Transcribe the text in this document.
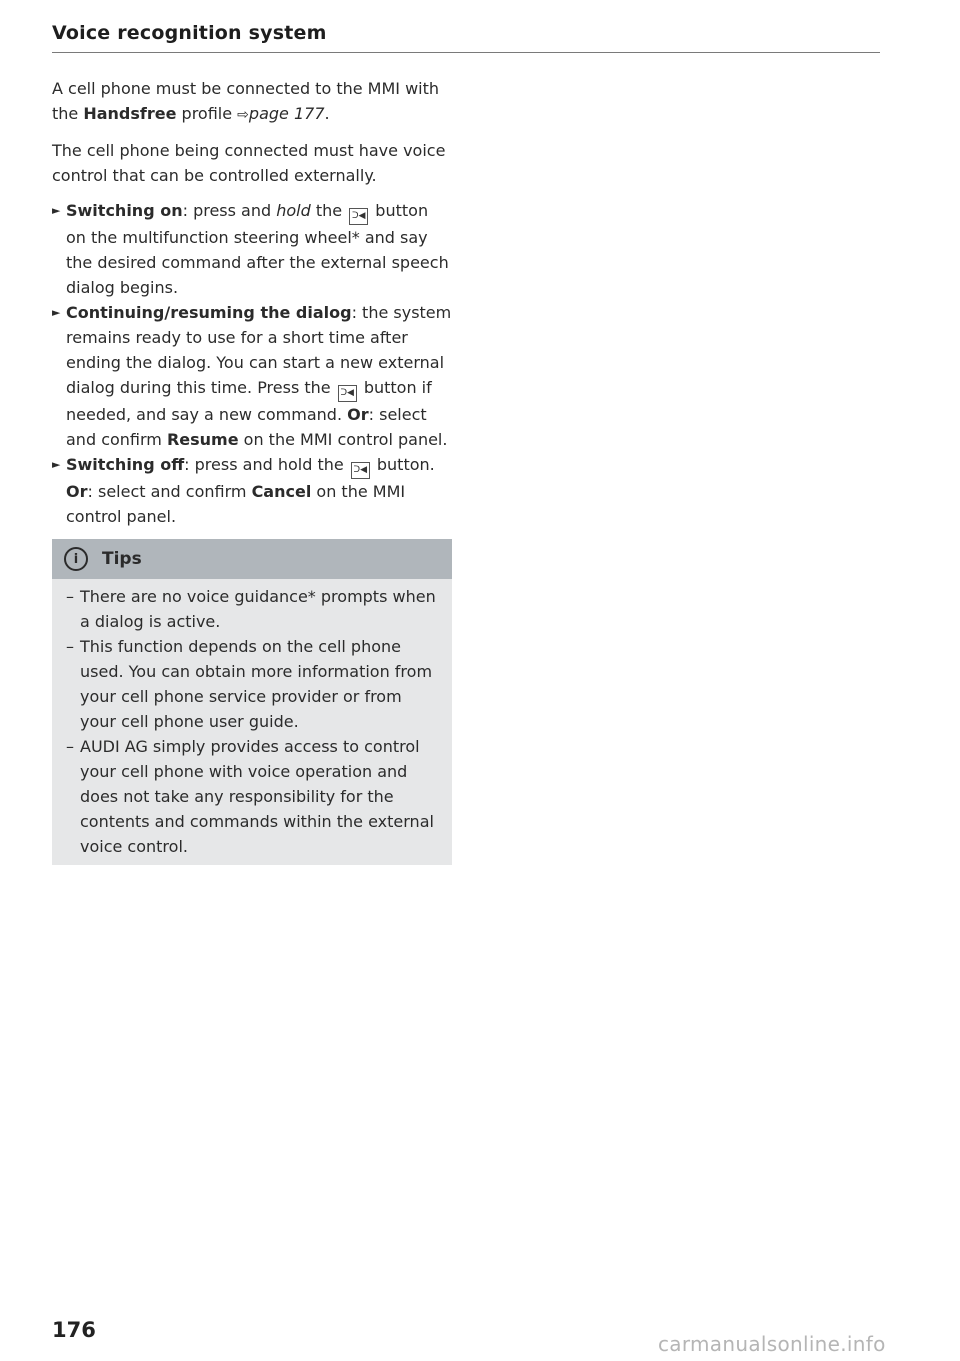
Voice recognition system

A cell phone must be connected to the MMI with the Handsfree profile ⇨page 177.

The cell phone being connected must have voice control that can be controlled externally.

► Switching on: press and hold the ᑐ◀ button on the multifunction steering wheel* and say the desired command after the external speech dialog begins.
► Continuing/resuming the dialog: the system remains ready to use for a short time after ending the dialog. You can start a new external dialog during this time. Press the ᑐ◀ button if needed, and say a new command. Or: select and confirm Resume on the MMI control panel.
► Switching off: press and hold the ᑐ◀ button. Or: select and confirm Cancel on the MMI control panel.
i	Tips
– There are no voice guidance* prompts when a dialog is active.
– This function depends on the cell phone used. You can obtain more information from your cell phone service provider or from your cell phone user guide.
– AUDI AG simply provides access to control your cell phone with voice operation and does not take any responsibility for the contents and commands within the external voice control.
176
carmanualsonline.info
